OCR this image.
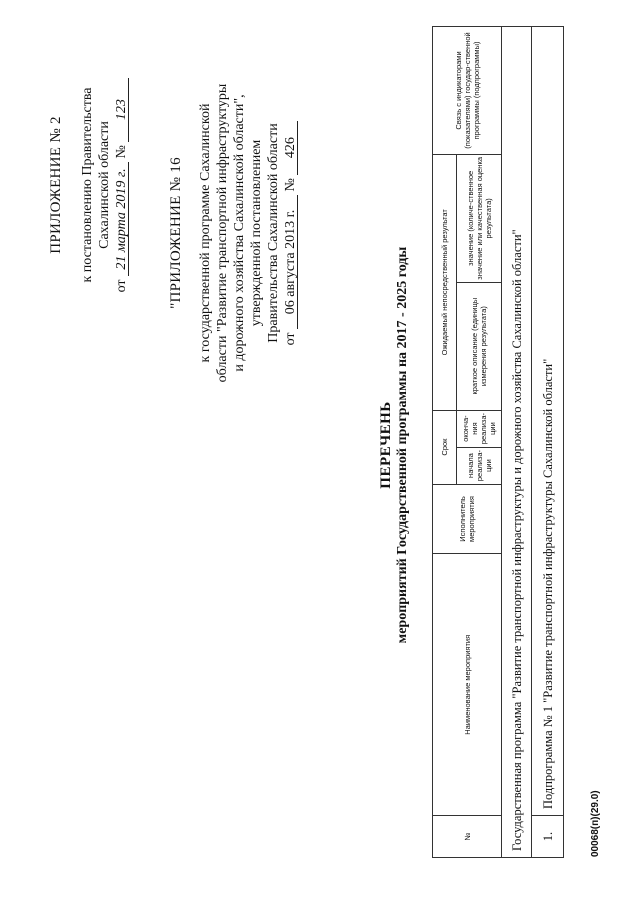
ПРИЛОЖЕНИЕ № 2 к постановлению Правительства Сахалинской области
от 21 марта 2019 г. № 123
"ПРИЛОЖЕНИЕ № 16 к государственной программе Сахалинской области "Развитие транспортной инфраструктуры и дорожного хозяйства Сахалинской области", утвержденной постановлением Правительства Сахалинской области от 06 августа 2013 г. № 426
ПЕРЕЧЕНЬ мероприятий Государственной программы на 2017 - 2025 годы
№	Наименование мероприятия	Исполнитель мероприятия	Срок		Ожидаемый непосредственный результат		Связь с индикаторами (показателями) государ-ственной программы (подпрограммы)
			начала реализа-ции	оконча-ния реализа-ции	краткое описание (единицы измерения результата)	значение (количе-ственное значение или качественная оценка результата)	
Государственная программа "Развитие транспортной инфраструктуры и дорожного хозяйства Сахалинской области"							
1.	Подпрограмма № 1 "Развитие транспортной инфраструктуры Сахалинской области"						
00068(п)(29.0)
